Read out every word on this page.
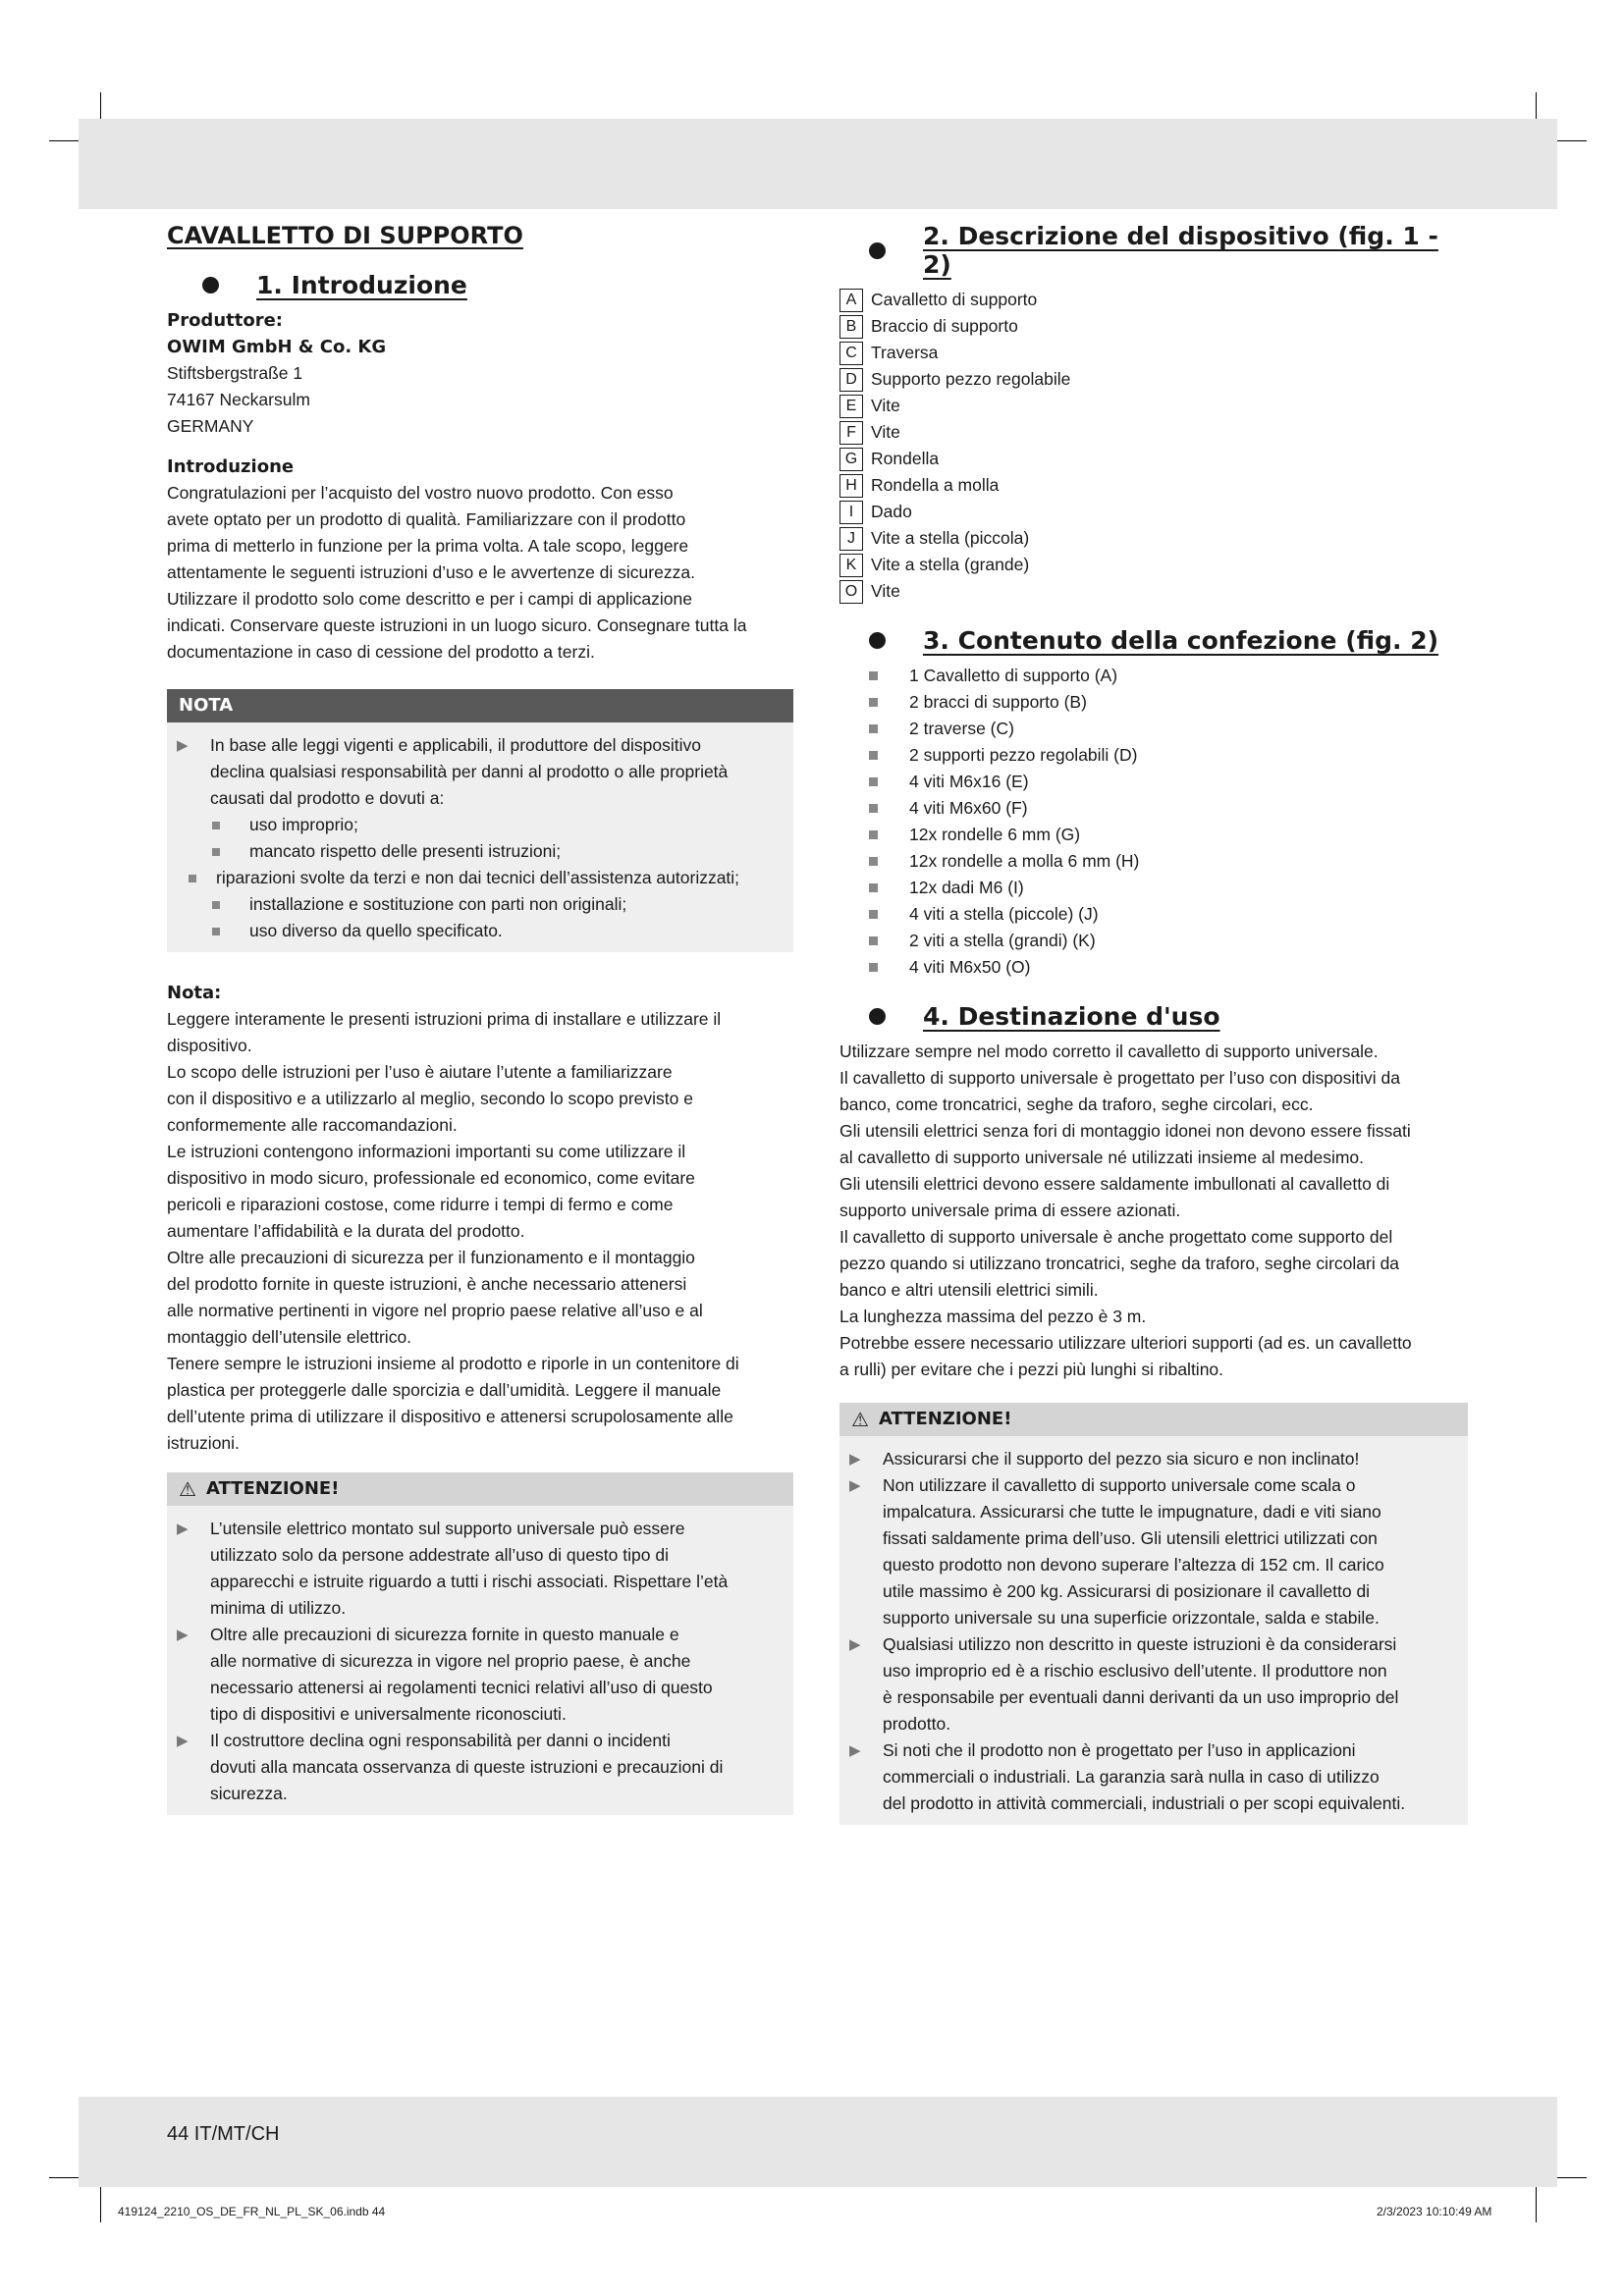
CAVALLETTO DI SUPPORTO
1. Introduzione
Produttore:
OWIM GmbH & Co. KG
Stiftsbergstraße 1
74167 Neckarsulm
GERMANY
Introduzione
Congratulazioni per l’acquisto del vostro nuovo prodotto. Con esso
avete optato per un prodotto di qualità. Familiarizzare con il prodotto
prima di metterlo in funzione per la prima volta. A tale scopo, leggere
attentamente le seguenti istruzioni d’uso e le avvertenze di sicurezza.
Utilizzare il prodotto solo come descritto e per i campi di applicazione
indicati. Conservare queste istruzioni in un luogo sicuro. Consegnare tutta la
documentazione in caso di cessione del prodotto a terzi.
NOTA
▶	In base alle leggi vigenti e applicabili, il produttore del dispositivo
declina qualsiasi responsabilità per danni al prodotto o alle proprietà
causati dal prodotto e dovuti a:
uso improprio;
mancato rispetto delle presenti istruzioni;
riparazioni svolte da terzi e non dai tecnici dell’assistenza autorizzati;
installazione e sostituzione con parti non originali;
uso diverso da quello specificato.
Nota:
Leggere interamente le presenti istruzioni prima di installare e utilizzare il
dispositivo.
Lo scopo delle istruzioni per l’uso è aiutare l’utente a familiarizzare
con il dispositivo e a utilizzarlo al meglio, secondo lo scopo previsto e
conformemente alle raccomandazioni.
Le istruzioni contengono informazioni importanti su come utilizzare il
dispositivo in modo sicuro, professionale ed economico, come evitare
pericoli e riparazioni costose, come ridurre i tempi di fermo e come
aumentare l’affidabilità e la durata del prodotto.
Oltre alle precauzioni di sicurezza per il funzionamento e il montaggio
del prodotto fornite in queste istruzioni, è anche necessario attenersi
alle normative pertinenti in vigore nel proprio paese relative all’uso e al
montaggio dell’utensile elettrico.
Tenere sempre le istruzioni insieme al prodotto e riporle in un contenitore di
plastica per proteggerle dalle sporcizia e dall’umidità. Leggere il manuale
dell’utente prima di utilizzare il dispositivo e attenersi scrupolosamente alle
istruzioni.
⚠ ATTENZIONE!
▶	L’utensile elettrico montato sul supporto universale può essere
utilizzato solo da persone addestrate all’uso di questo tipo di
apparecchi e istruite riguardo a tutti i rischi associati. Rispettare l’età
minima di utilizzo.
▶	Oltre alle precauzioni di sicurezza fornite in questo manuale e
alle normative di sicurezza in vigore nel proprio paese, è anche
necessario attenersi ai regolamenti tecnici relativi all’uso di questo
tipo di dispositivi e universalmente riconosciuti.
▶	Il costruttore declina ogni responsabilità per danni o incidenti
dovuti alla mancata osservanza di queste istruzioni e precauzioni di
sicurezza.
2. Descrizione del dispositivo (fig. 1 - 2)
A Cavalletto di supporto
B Braccio di supporto
C Traversa
D Supporto pezzo regolabile
E Vite
F Vite
G Rondella
H Rondella a molla
I	Dado
J Vite a stella (piccola)
K Vite a stella (grande)
O Vite
3. Contenuto della confezione (fig. 2)
1 Cavalletto di supporto (A)
2 bracci di supporto (B)
2 traverse (C)
2 supporti pezzo regolabili (D)
4 viti M6x16 (E)
4 viti M6x60 (F)
12x rondelle 6 mm (G)
12x rondelle a molla 6 mm (H)
12x dadi M6 (I)
4 viti a stella (piccole) (J)
2 viti a stella (grandi) (K)
4 viti M6x50 (O)
4. Destinazione d'uso
Utilizzare sempre nel modo corretto il cavalletto di supporto universale.
Il cavalletto di supporto universale è progettato per l’uso con dispositivi da
banco, come troncatrici, seghe da traforo, seghe circolari, ecc.
Gli utensili elettrici senza fori di montaggio idonei non devono essere fissati
al cavalletto di supporto universale né utilizzati insieme al medesimo.
Gli utensili elettrici devono essere saldamente imbullonati al cavalletto di
supporto universale prima di essere azionati.
Il cavalletto di supporto universale è anche progettato come supporto del
pezzo quando si utilizzano troncatrici, seghe da traforo, seghe circolari da
banco e altri utensili elettrici simili.
La lunghezza massima del pezzo è 3 m.
Potrebbe essere necessario utilizzare ulteriori supporti (ad es. un cavalletto
a rulli) per evitare che i pezzi più lunghi si ribaltino.
⚠ ATTENZIONE!
▶	Assicurarsi che il supporto del pezzo sia sicuro e non inclinato!
▶	Non utilizzare il cavalletto di supporto universale come scala o
impalcatura. Assicurarsi che tutte le impugnature, dadi e viti siano
fissati saldamente prima dell’uso. Gli utensili elettrici utilizzati con
questo prodotto non devono superare l’altezza di 152 cm. Il carico
utile massimo è 200 kg. Assicurarsi di posizionare il cavalletto di
supporto universale su una superficie orizzontale, salda e stabile.
▶	Qualsiasi utilizzo non descritto in queste istruzioni è da considerarsi
uso improprio ed è a rischio esclusivo dell’utente. Il produttore non
è responsabile per eventuali danni derivanti da un uso improprio del
prodotto.
▶	Si noti che il prodotto non è progettato per l’uso in applicazioni
commerciali o industriali. La garanzia sarà nulla in caso di utilizzo
del prodotto in attività commerciali, industriali o per scopi equivalenti.
44 IT/MT/CH
419124_2210_OS_DE_FR_NL_PL_SK_06.indb 44	2/3/2023 10:10:49 AM
